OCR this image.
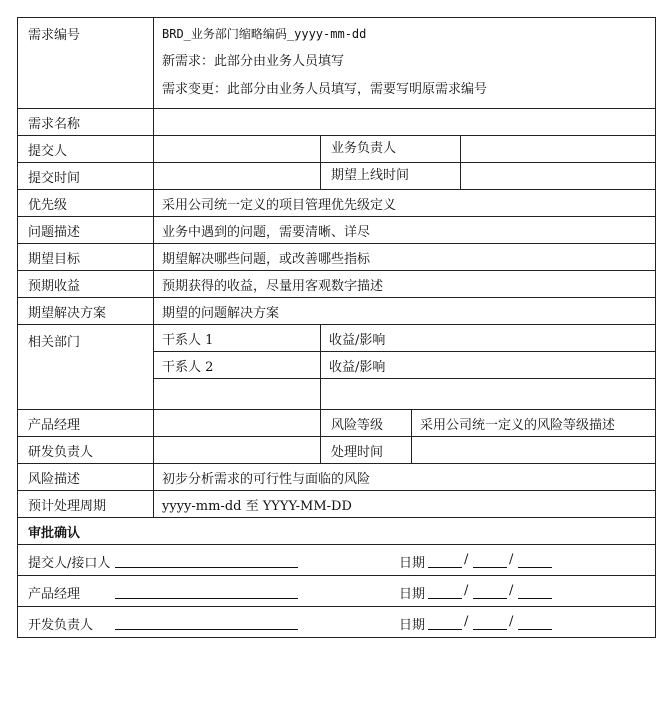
需求编号	BRD_业务部门缩略编码_yyyy-mm-dd
新需求：此部分由业务人员填写
需求变更：此部分由业务人员填写，需要写明原需求编号		

需求名称			
提交人		业务负责人	

提交时间		期望上线时间	

优先级	采用公司统一定义的项目管理优先级定义		
问题描述	业务中遇到的问题，需要清晰、详尽		
期望目标	期望解决哪些问题，或改善哪些指标		
预期收益	预期获得的收益，尽量用客观数字描述		
期望解决方案	期望的问题解决方案		
相关部门	干系人 1	收益/影响	
	干系人 2	收益/影响	

产品经理		风险等级	采用公司统一定义的风险等级描述
研发负责人		处理时间	
风险描述	初步分析需求的可行性与面临的风险		
预计处理周期	yyyy-mm-dd 至 YYYY-MM-DD		
审批确认			

提交人/接口人 日期 / /			

产品经理 日期 / /			

开发负责人 日期 / /			
